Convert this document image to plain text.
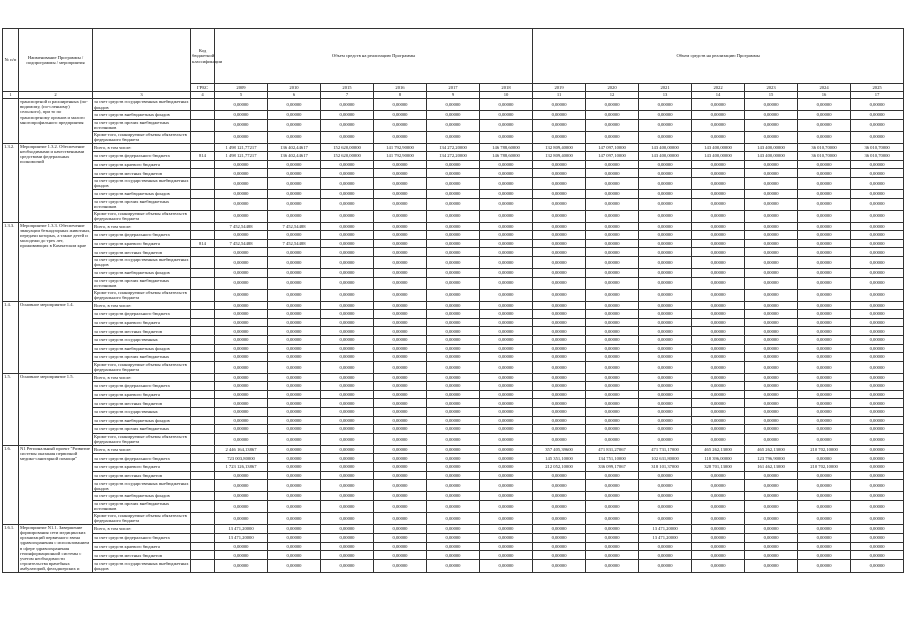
№ п/п	Наименование Программы / подпрограммы / мероприятия		Код бюджетной классификации	Объем средств на реализацию Программы						Объем средств на реализацию Программы						
			ГРБС	2009	2010	2015	2016	2017	2018	2019	2020	2021	2022	2023	2024	2025
1	2	3	4	5	6	7	8	9	10	11	12	13	14	15	16	17
	транспортной и расширенных (по-видимому, (по-сленному) сельского), при то по транспортному органов и малого многопрофильного предприятия	за счет средств государственных внебюджетных фондов		0,00000	0,00000	0,00000	0,00000	0,00000	0,00000	0,00000	0,00000	0,00000	0,00000	0,00000	0,00000	0,00000
		за счет средств внебюджетных фондов		0,00000	0,00000	0,00000	0,00000	0,00000	0,00000	0,00000	0,00000	0,00000	0,00000	0,00000	0,00000	0,00000
		за счет средств прочих внебюджетных источников		0,00000	0,00000	0,00000	0,00000	0,00000	0,00000	0,00000	0,00000	0,00000	0,00000	0,00000	0,00000	0,00000
		Кроме того, планируемые объемы обязательств федерального бюджета		0,00000	0,00000	0,00000	0,00000	0,00000	0,00000	0,00000	0,00000	0,00000	0,00000	0,00000	0,00000	0,00000
1.3.2.	Мероприятие 1.3.2. Обеспечение необходимыми и качественными средствами федеральных полномочий	Всего, в том числе:		1 498 121,77217	136 402,44617	152 620,00000	141 792,90000	134 272,20000	146 788,60000	132 809,40000	147 097,10000	143 400,00000	143 400,00000	143 400,00000	36 010,70000	36 010,70000
		за счет средств федерального бюджета	814	1 498 121,77217	136 402,44617	152 620,00000	141 792,90000	134 272,20000	146 788,60000	132 809,40000	147 097,10000	143 400,00000	143 400,00000	143 400,00000	36 010,70000	36 010,70000
		за счет средств краевого бюджета		0,00000	0,00000	0,00000	0,00000	0,00000	0,00000	0,00000	0,00000	0,00000	0,00000	0,00000	0,00000	0,00000
		за счет средств местных бюджетов		0,00000	0,00000	0,00000	0,00000	0,00000	0,00000	0,00000	0,00000	0,00000	0,00000	0,00000	0,00000	0,00000
		за счет средств государственных внебюджетных фондов		0,00000	0,00000	0,00000	0,00000	0,00000	0,00000	0,00000	0,00000	0,00000	0,00000	0,00000	0,00000	0,00000
		за счет средств внебюджетных фондов		0,00000	0,00000	0,00000	0,00000	0,00000	0,00000	0,00000	0,00000	0,00000	0,00000	0,00000	0,00000	0,00000
		за счет средств прочих внебюджетных источников		0,00000	0,00000	0,00000	0,00000	0,00000	0,00000	0,00000	0,00000	0,00000	0,00000	0,00000	0,00000	0,00000
		Кроме того, планируемые объемы обязательств федерального бюджета		0,00000	0,00000	0,00000	0,00000	0,00000	0,00000	0,00000	0,00000	0,00000	0,00000	0,00000	0,00000	0,00000
1.3.3.	Мероприятие 1.3.3. Обеспечение эвакуации безнадзорных животных, передачи которых, а также детей и молодежи до трех лет, проживающих в Камчатском крае	Всего, в том числе:		7 452,54488	7 452,54488	0,00000	0,00000	0,00000	0,00000	0,00000	0,00000	0,00000	0,00000	0,00000	0,00000	0,00000
		за счет средств федерального бюджета		0,00000	0,00000	0,00000	0,00000	0,00000	0,00000	0,00000	0,00000	0,00000	0,00000	0,00000	0,00000	0,00000
		за счет средств краевого бюджета	814	7 452,54488	7 452,54488	0,00000	0,00000	0,00000	0,00000	0,00000	0,00000	0,00000	0,00000	0,00000	0,00000	0,00000
		за счет средств местных бюджетов		0,00000	0,00000	0,00000	0,00000	0,00000	0,00000	0,00000	0,00000	0,00000	0,00000	0,00000	0,00000	0,00000
		за счет средств государственных внебюджетных фондов		0,00000	0,00000	0,00000	0,00000	0,00000	0,00000	0,00000	0,00000	0,00000	0,00000	0,00000	0,00000	0,00000
		за счет средств внебюджетных фондов		0,00000	0,00000	0,00000	0,00000	0,00000	0,00000	0,00000	0,00000	0,00000	0,00000	0,00000	0,00000	0,00000
		за счет средств прочих внебюджетных источников		0,00000	0,00000	0,00000	0,00000	0,00000	0,00000	0,00000	0,00000	0,00000	0,00000	0,00000	0,00000	0,00000
		Кроме того, планируемые объемы обязательств федерального бюджета		0,00000	0,00000	0,00000	0,00000	0,00000	0,00000	0,00000	0,00000	0,00000	0,00000	0,00000	0,00000	0,00000
1.4.	Основное мероприятие 1.4.	Всего, в том числе:		0,00000	0,00000	0,00000	0,00000	0,00000	0,00000	0,00000	0,00000	0,00000	0,00000	0,00000	0,00000	0,00000
		за счет средств федерального бюджета		0,00000	0,00000	0,00000	0,00000	0,00000	0,00000	0,00000	0,00000	0,00000	0,00000	0,00000	0,00000	0,00000
		за счет средств краевого бюджета		0,00000	0,00000	0,00000	0,00000	0,00000	0,00000	0,00000	0,00000	0,00000	0,00000	0,00000	0,00000	0,00000
		за счет средств местных бюджетов		0,00000	0,00000	0,00000	0,00000	0,00000	0,00000	0,00000	0,00000	0,00000	0,00000	0,00000	0,00000	0,00000
		за счет средств государственных		0,00000	0,00000	0,00000	0,00000	0,00000	0,00000	0,00000	0,00000	0,00000	0,00000	0,00000	0,00000	0,00000
		за счет средств внебюджетных фондов		0,00000	0,00000	0,00000	0,00000	0,00000	0,00000	0,00000	0,00000	0,00000	0,00000	0,00000	0,00000	0,00000
		за счет средств прочих внебюджетных		0,00000	0,00000	0,00000	0,00000	0,00000	0,00000	0,00000	0,00000	0,00000	0,00000	0,00000	0,00000	0,00000
		Кроме того, планируемые объемы обязательств федерального бюджета		0,00000	0,00000	0,00000	0,00000	0,00000	0,00000	0,00000	0,00000	0,00000	0,00000	0,00000	0,00000	0,00000
1.5.	Основное мероприятие 1.5.	Всего, в том числе:		0,00000	0,00000	0,00000	0,00000	0,00000	0,00000	0,00000	0,00000	0,00000	0,00000	0,00000	0,00000	0,00000
		за счет средств федерального бюджета		0,00000	0,00000	0,00000	0,00000	0,00000	0,00000	0,00000	0,00000	0,00000	0,00000	0,00000	0,00000	0,00000
		за счет средств краевого бюджета		0,00000	0,00000	0,00000	0,00000	0,00000	0,00000	0,00000	0,00000	0,00000	0,00000	0,00000	0,00000	0,00000
		за счет средств местных бюджетов		0,00000	0,00000	0,00000	0,00000	0,00000	0,00000	0,00000	0,00000	0,00000	0,00000	0,00000	0,00000	0,00000
		за счет средств государственных		0,00000	0,00000	0,00000	0,00000	0,00000	0,00000	0,00000	0,00000	0,00000	0,00000	0,00000	0,00000	0,00000
		за счет средств внебюджетных фондов		0,00000	0,00000	0,00000	0,00000	0,00000	0,00000	0,00000	0,00000	0,00000	0,00000	0,00000	0,00000	0,00000
		за счет средств прочих внебюджетных		0,00000	0,00000	0,00000	0,00000	0,00000	0,00000	0,00000	0,00000	0,00000	0,00000	0,00000	0,00000	0,00000
		Кроме того, планируемые объемы обязательств федерального бюджета		0,00000	0,00000	0,00000	0,00000	0,00000	0,00000	0,00000	0,00000	0,00000	0,00000	0,00000	0,00000	0,00000
1.6.	N1 Региональный проект "Развитие системы оказания первичной медико-санитарной помощи"	Всего, в том числе:		2 446 164,13867	0,00000	0,00000	0,00000	0,00000	0,00000	357 405,39600	471 831,27067	471 731,17000	465 262,13000	465 262,13000	210 702,10000	0,00000
		за счет средств федерального бюджета		723 003,80000	0,00000	0,00000	0,00000	0,00000	0,00000	145 351,10000	134 751,10000	102 631,80000	118 396,00000	123 796,90000	0,00000	0,00000
		за счет средств краевого бюджета		1 723 126,13867	0,00000	0,00000	0,00000	0,00000	0,00000	212 052,10000	336 099,17067	318 101,37000	328 701,13000	161 462,13000	210 702,10000	0,00000
		за счет средств местных бюджетов		0,00000	0,00000	0,00000	0,00000	0,00000	0,00000	0,00000	0,00000	0,00000	0,00000	0,00000	0,00000	0,00000
		за счет средств государственных внебюджетных фондов		0,00000	0,00000	0,00000	0,00000	0,00000	0,00000	0,00000	0,00000	0,00000	0,00000	0,00000	0,00000	0,00000
		за счет средств внебюджетных фондов		0,00000	0,00000	0,00000	0,00000	0,00000	0,00000	0,00000	0,00000	0,00000	0,00000	0,00000	0,00000	0,00000
		за счет средств прочих внебюджетных источников		0,00000	0,00000	0,00000	0,00000	0,00000	0,00000	0,00000	0,00000	0,00000	0,00000	0,00000	0,00000	0,00000
		Кроме того, планируемые объемы обязательств федерального бюджета		0,00000	0,00000	0,00000	0,00000	0,00000	0,00000	0,00000	0,00000	0,00000	0,00000	0,00000	0,00000	0,00000
1.6.1.	Мероприятие N1.1. Завершение формирования сети медицинских организаций первичного звена здравоохранения с использованием в сфере здравоохранения геоинформационной системы с учетом необходимости строительства врачебных амбулаторий, фельдшерских и	Всего, в том числе:		13 471,20000	0,00000	0,00000	0,00000	0,00000	0,00000	0,00000	0,00000	13 471,20000	0,00000	0,00000	0,00000	0,00000
		за счет средств федерального бюджета		13 471,20000	0,00000	0,00000	0,00000	0,00000	0,00000	0,00000	0,00000	13 471,20000	0,00000	0,00000	0,00000	0,00000
		за счет средств краевого бюджета		0,00000	0,00000	0,00000	0,00000	0,00000	0,00000	0,00000	0,00000	0,00000	0,00000	0,00000	0,00000	0,00000
		за счет средств местных бюджетов		0,00000	0,00000	0,00000	0,00000	0,00000	0,00000	0,00000	0,00000	0,00000	0,00000	0,00000	0,00000	0,00000
		за счет средств государственных внебюджетных фондов		0,00000	0,00000	0,00000	0,00000	0,00000	0,00000	0,00000	0,00000	0,00000	0,00000	0,00000	0,00000	0,00000
